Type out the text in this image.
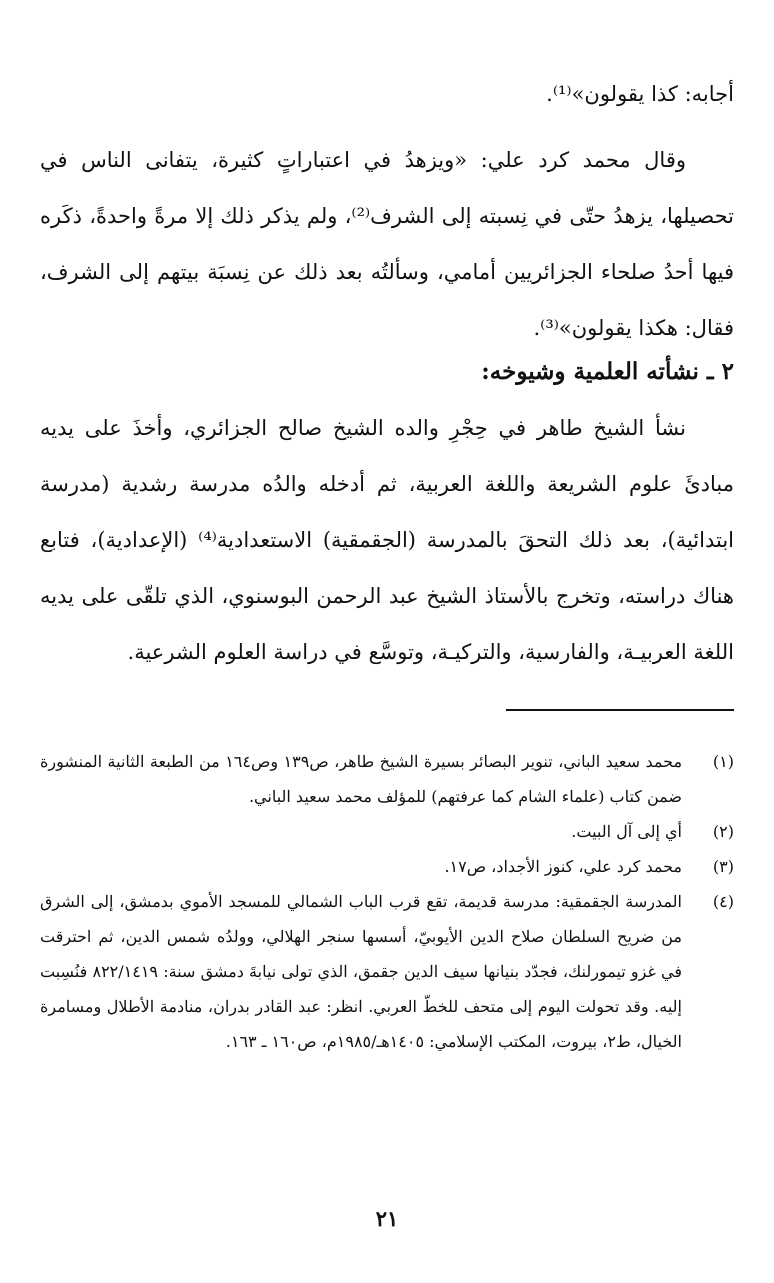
أجابه: كذا يقولون»⁽¹⁾.

وقال محمد كرد علي: «ويزهدُ في اعتباراتٍ كثيرة، يتفانى الناس في تحصيلها، يزهدُ حتّى في نِسبته إلى الشرف⁽²⁾، ولم يذكر ذلك إلا مرةً واحدةً، ذكَره فيها أحدُ صلحاء الجزائريين أمامي، وسألتُه بعد ذلك عن نِسبَة بيتهم إلى الشرف، فقال: هكذا يقولون»⁽³⁾.

٢ ـ نشأته العلمية وشيوخه:

نشأ الشيخ طاهر في حِجْرِ والده الشيخ صالح الجزائري، وأخذَ على يديه مبادئَ علوم الشريعة واللغة العربية، ثم أدخله والدُه مدرسة رشدية (مدرسة ابتدائية)، بعد ذلك التحقَ بالمدرسة (الجقمقية) الاستعدادية⁽⁴⁾ (الإعدادية)، فتابع هناك دراسته، وتخرج بالأستاذ الشيخ عبد الرحمن البوسنوي، الذي تلقّى على يديه اللغة العربيـة، والفارسية، والتركيـة، وتوسَّع في دراسة العلوم الشرعية.

(١)
محمد سعيد الباني، تنوير البصائر بسيرة الشيخ طاهر، ص١٣٩ وص١٦٤ من الطبعة الثانية المنشورة ضمن كتاب (علماء الشام كما عرفتهم) للمؤلف محمد سعيد الباني.
(٢)
أي إلى آل البيت.
(٣)
محمد كرد علي، كنوز الأجداد، ص١٧.
(٤)
المدرسة الجقمقية: مدرسة قديمة، تقع قرب الباب الشمالي للمسجد الأموي بدمشق، إلى الشرق من ضريح السلطان صلاح الدين الأيوبيّ، أسسها سنجر الهلالي، وولدُه شمس الدين، ثم احترقت في غزو تيمورلنك، فجدّد بنيانها سيف الدين جقمق، الذي تولى نيابةَ دمشق سنة: ٨٢٢/١٤١٩ فنُسِبت إليه. وقد تحولت اليوم إلى متحف للخطّ العربي. انظر: عبد القادر بدران، منادمة الأطلال ومسامرة الخيال، ط٢، بيروت، المكتب الإسلامي: ١٤٠٥هـ/١٩٨٥م، ص١٦٠ ـ ١٦٣.
٢١
